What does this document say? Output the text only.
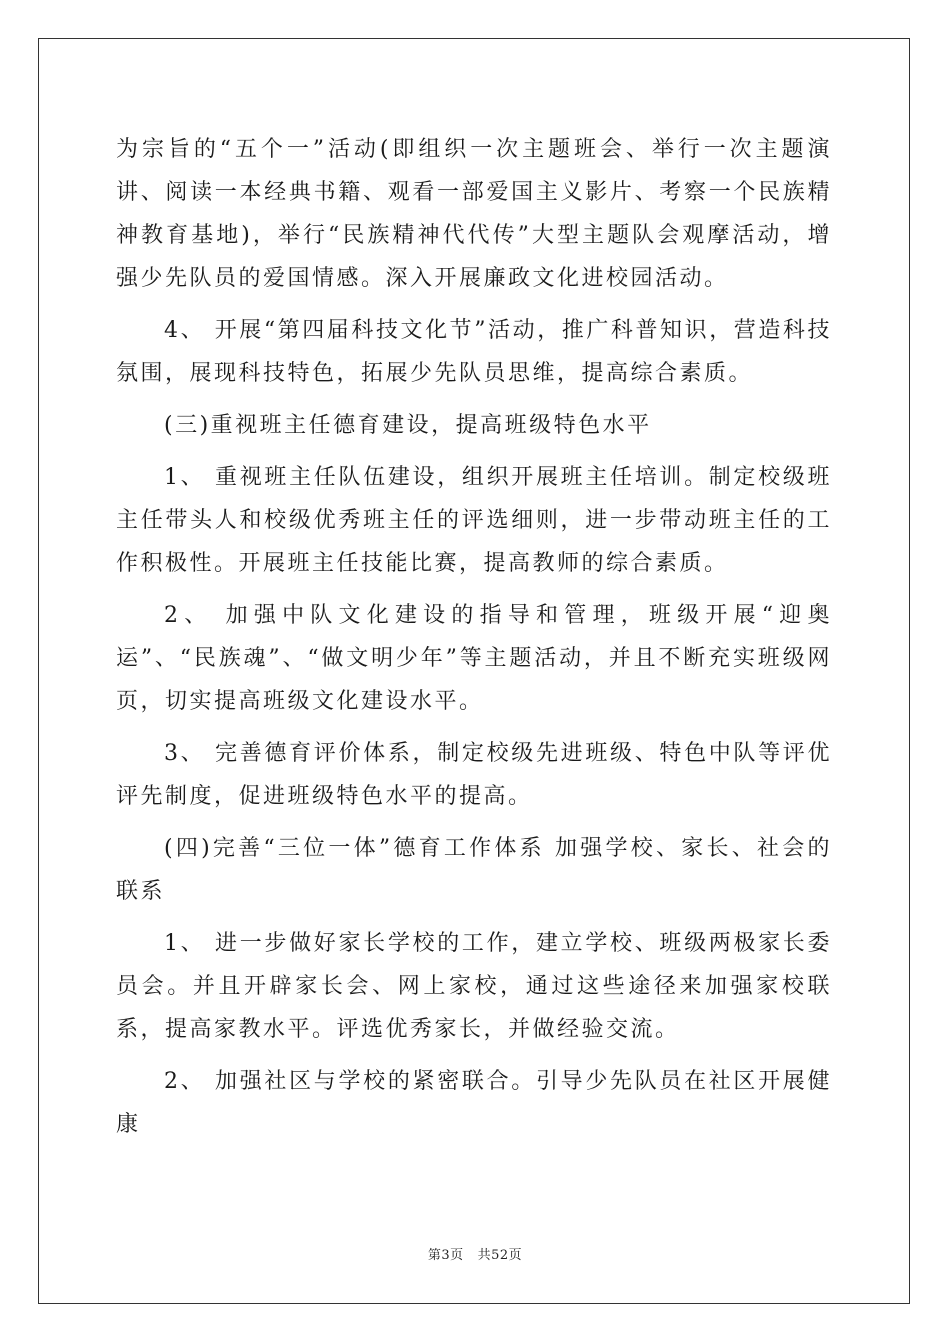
为宗旨的“五个一”活动(即组织一次主题班会、举行一次主题演讲、阅读一本经典书籍、观看一部爱国主义影片、考察一个民族精神教育基地)，举行“民族精神代代传”大型主题队会观摩活动，增强少先队员的爱国情感。深入开展廉政文化进校园活动。

4、 开展“第四届科技文化节”活动，推广科普知识，营造科技氛围，展现科技特色，拓展少先队员思维，提高综合素质。

(三)重视班主任德育建设，提高班级特色水平

1、 重视班主任队伍建设，组织开展班主任培训。制定校级班主任带头人和校级优秀班主任的评选细则，进一步带动班主任的工作积极性。开展班主任技能比赛，提高教师的综合素质。

2、 加强中队文化建设的指导和管理，班级开展“迎奥运”、“民族魂”、“做文明少年”等主题活动，并且不断充实班级网页，切实提高班级文化建设水平。

3、 完善德育评价体系，制定校级先进班级、特色中队等评优评先制度，促进班级特色水平的提高。

(四)完善“三位一体”德育工作体系 加强学校、家长、社会的联系

1、 进一步做好家长学校的工作，建立学校、班级两极家长委员会。并且开辟家长会、网上家校，通过这些途径来加强家校联系，提高家教水平。评选优秀家长，并做经验交流。

2、 加强社区与学校的紧密联合。引导少先队员在社区开展健康

第3页 共52页
